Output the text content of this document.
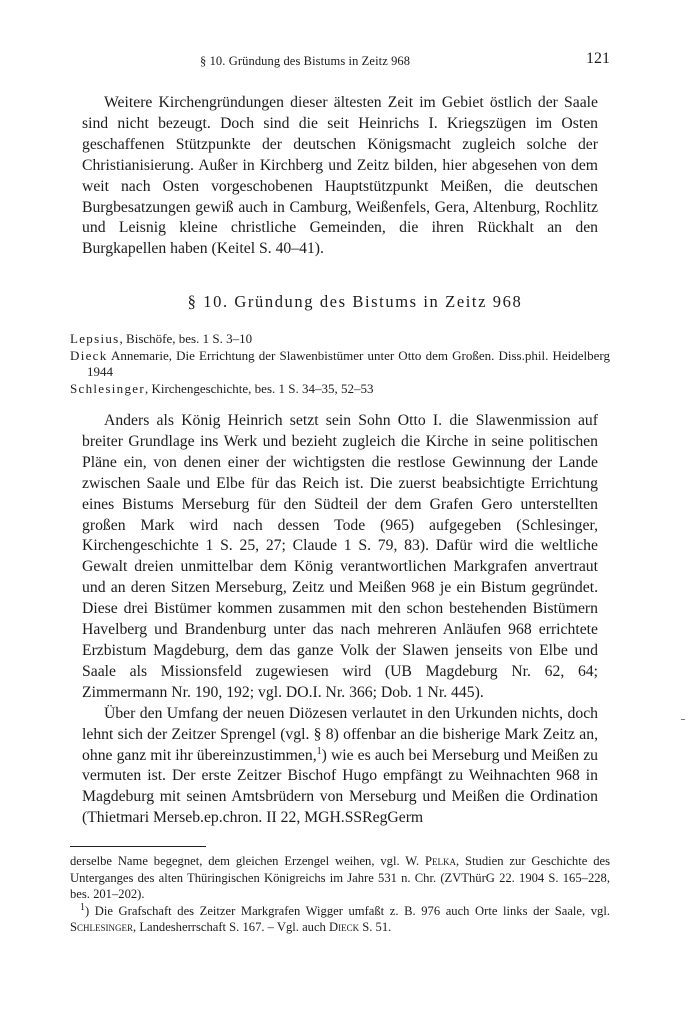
§ 10. Gründung des Bistums in Zeitz 968	121

Weitere Kirchengründungen dieser ältesten Zeit im Gebiet östlich der Saale sind nicht bezeugt. Doch sind die seit Heinrichs I. Kriegszügen im Osten geschaffenen Stützpunkte der deutschen Königsmacht zugleich solche der Christianisierung. Außer in Kirchberg und Zeitz bilden, hier abgesehen von dem weit nach Osten vorgeschobenen Hauptstützpunkt Meißen, die deutschen Burgbesatzungen gewiß auch in Camburg, Weißenfels, Gera, Altenburg, Rochlitz und Leisnig kleine christliche Gemeinden, die ihren Rückhalt an den Burgkapellen haben (Keitel S. 40–41).

§ 10. Gründung des Bistums in Zeitz 968
Lepsius, Bischöfe, bes. 1 S. 3–10
Dieck Annemarie, Die Errichtung der Slawenbistümer unter Otto dem Großen. Diss.phil. Heidelberg 1944
Schlesinger, Kirchengeschichte, bes. 1 S. 34–35, 52–53

Anders als König Heinrich setzt sein Sohn Otto I. die Slawenmission auf breiter Grundlage ins Werk und bezieht zugleich die Kirche in seine politischen Pläne ein, von denen einer der wichtigsten die restlose Gewinnung der Lande zwischen Saale und Elbe für das Reich ist. Die zuerst beabsichtigte Errichtung eines Bistums Merseburg für den Südteil der dem Grafen Gero unterstellten großen Mark wird nach dessen Tode (965) aufgegeben (Schlesinger, Kirchengeschichte 1 S. 25, 27; Claude 1 S. 79, 83). Dafür wird die weltliche Gewalt dreien unmittelbar dem König verantwortlichen Markgrafen anvertraut und an deren Sitzen Merseburg, Zeitz und Meißen 968 je ein Bistum gegründet. Diese drei Bistümer kommen zusammen mit den schon bestehenden Bistümern Havelberg und Brandenburg unter das nach mehreren Anläufen 968 errichtete Erzbistum Magdeburg, dem das ganze Volk der Slawen jenseits von Elbe und Saale als Missionsfeld zugewiesen wird (UB Magdeburg Nr. 62, 64; Zimmermann Nr. 190, 192; vgl. DO.I. Nr. 366; Dob. 1 Nr. 445).

Über den Umfang der neuen Diözesen verlautet in den Urkunden nichts, doch lehnt sich der Zeitzer Sprengel (vgl. § 8) offenbar an die bisherige Mark Zeitz an, ohne ganz mit ihr übereinzustimmen,$^1$) wie es auch bei Merseburg und Meißen zu vermuten ist. Der erste Zeitzer Bischof Hugo empfängt zu Weihnachten 968 in Magdeburg mit seinen Amtsbrüdern von Merseburg und Meißen die Ordination (Thietmari Merseb.ep.chron. II 22, MGH.SSRegGerm

derselbe Name begegnet, dem gleichen Erzengel weihen, vgl. W. Pelka, Studien zur Geschichte des Unterganges des alten Thüringischen Königreichs im Jahre 531 n. Chr. (ZVThürG 22. 1904 S. 165–228, bes. 201–202).

$^1$) Die Grafschaft des Zeitzer Markgrafen Wigger umfaßt z. B. 976 auch Orte links der Saale, vgl. Schlesinger, Landesherrschaft S. 167. – Vgl. auch Dieck S. 51.
